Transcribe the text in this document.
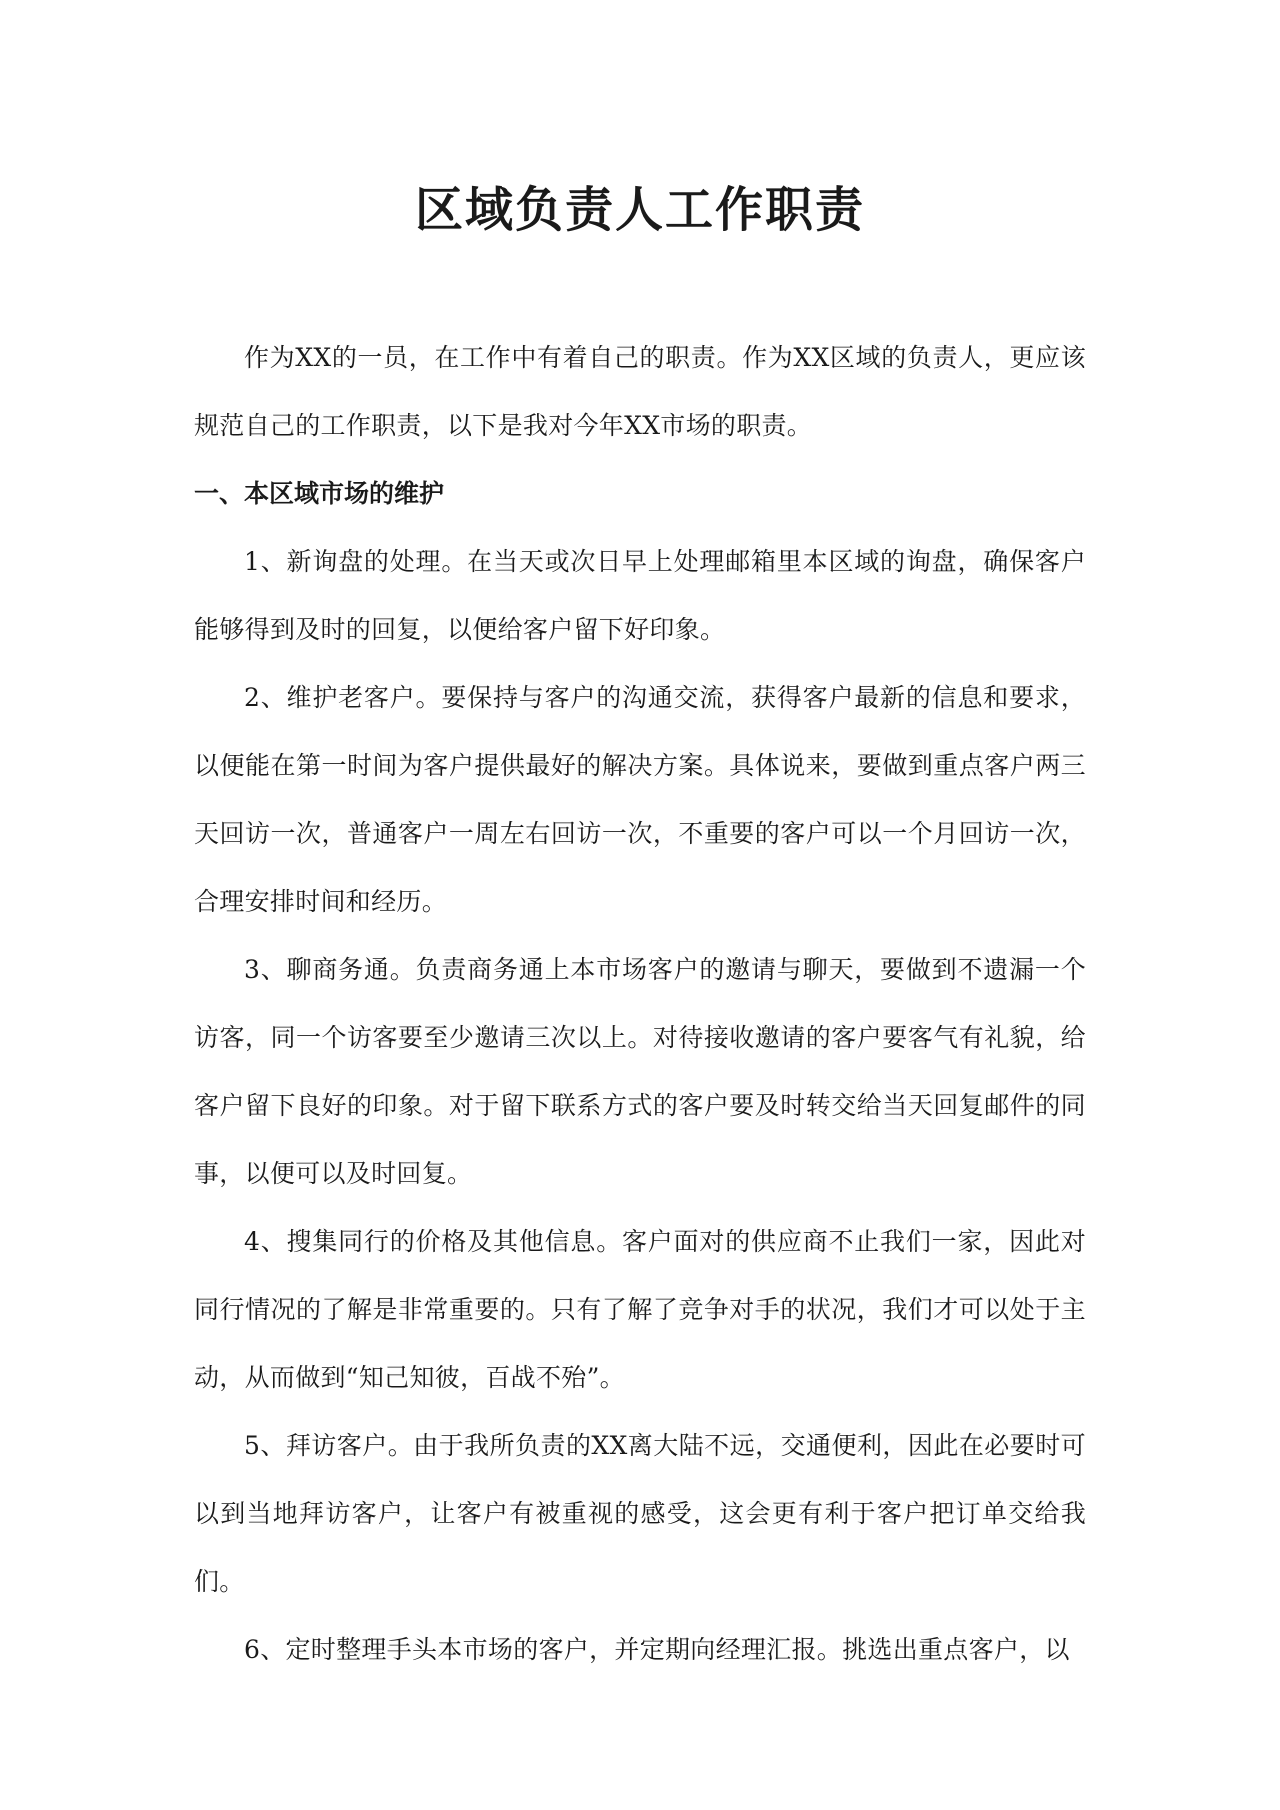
区域负责人工作职责

作为XX的一员，在工作中有着自己的职责。作为XX区域的负责人，更应该规范自己的工作职责，以下是我对今年XX市场的职责。

一、本区域市场的维护

1、新询盘的处理。在当天或次日早上处理邮箱里本区域的询盘，确保客户能够得到及时的回复，以便给客户留下好印象。

2、维护老客户。要保持与客户的沟通交流，获得客户最新的信息和要求，以便能在第一时间为客户提供最好的解决方案。具体说来，要做到重点客户两三天回访一次，普通客户一周左右回访一次，不重要的客户可以一个月回访一次，合理安排时间和经历。

3、聊商务通。负责商务通上本市场客户的邀请与聊天，要做到不遗漏一个访客，同一个访客要至少邀请三次以上。对待接收邀请的客户要客气有礼貌，给客户留下良好的印象。对于留下联系方式的客户要及时转交给当天回复邮件的同事，以便可以及时回复。

4、搜集同行的价格及其他信息。客户面对的供应商不止我们一家，因此对同行情况的了解是非常重要的。只有了解了竞争对手的状况，我们才可以处于主动，从而做到“知己知彼，百战不殆”。

5、拜访客户。由于我所负责的XX离大陆不远，交通便利，因此在必要时可以到当地拜访客户，让客户有被重视的感受，这会更有利于客户把订单交给我们。

6、定时整理手头本市场的客户，并定期向经理汇报。挑选出重点客户，以
